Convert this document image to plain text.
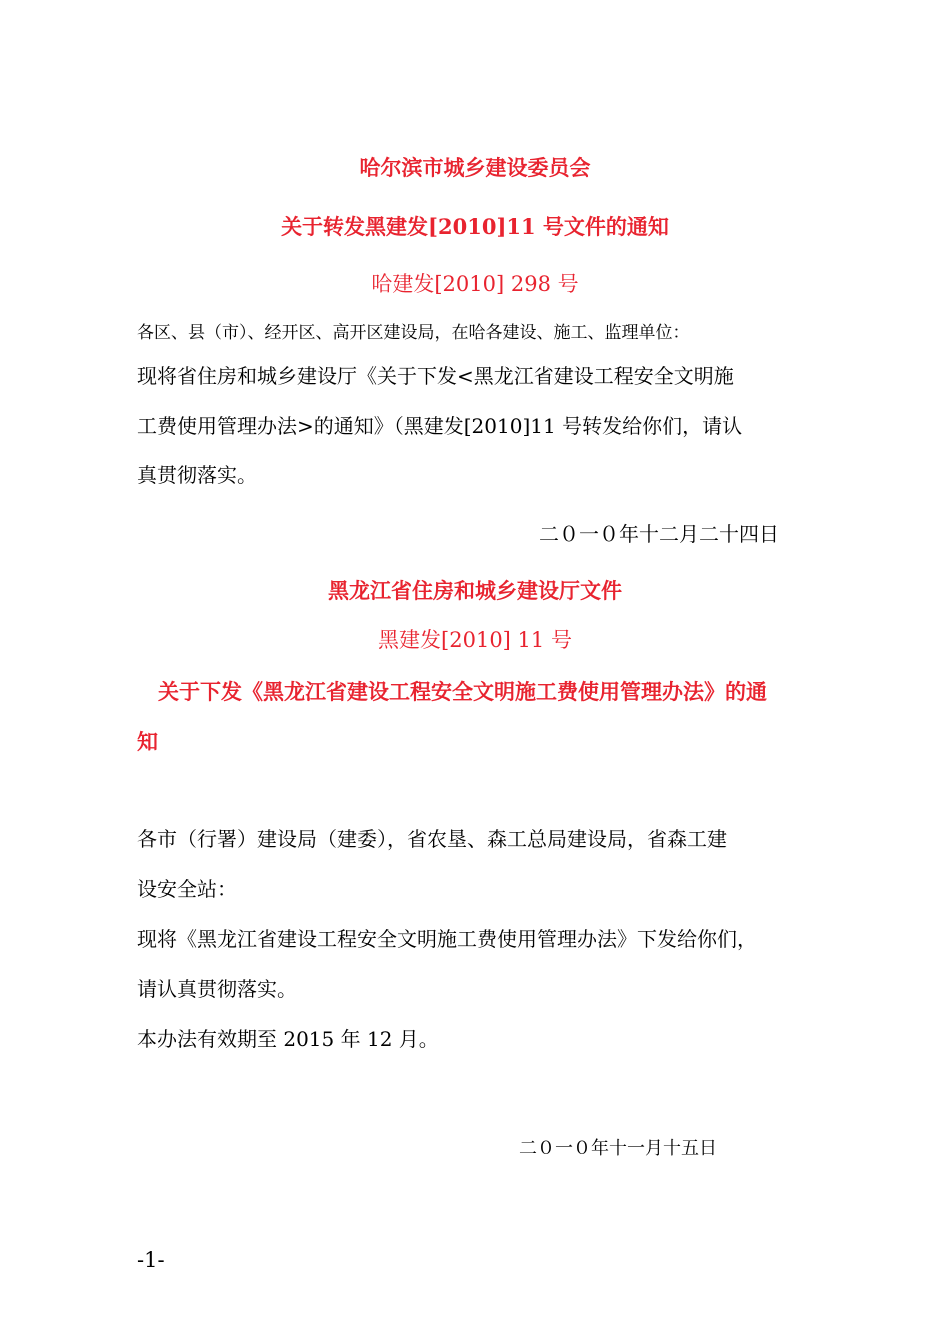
哈尔滨市城乡建设委员会
关于转发黑建发[2010]11 号文件的通知
哈建发[2010] 298 号
各区、县（市）、经开区、高开区建设局，在哈各建设、施工、监理单位：
现将省住房和城乡建设厅《关于下发<黑龙江省建设工程安全文明施
工费使用管理办法>的通知》（黑建发[2010]11 号转发给你们，请认
真贯彻落实。
二０一０年十二月二十四日
黑龙江省住房和城乡建设厅文件
黑建发[2010] 11 号
关于下发《黑龙江省建设工程安全文明施工费使用管理办法》的通
知
各市（行署）建设局（建委），省农垦、森工总局建设局，省森工建
设安全站：
现将《黑龙江省建设工程安全文明施工费使用管理办法》下发给你们，
请认真贯彻落实。
本办法有效期至 2015 年 12 月。
二０一０年十一月十五日
-1-
